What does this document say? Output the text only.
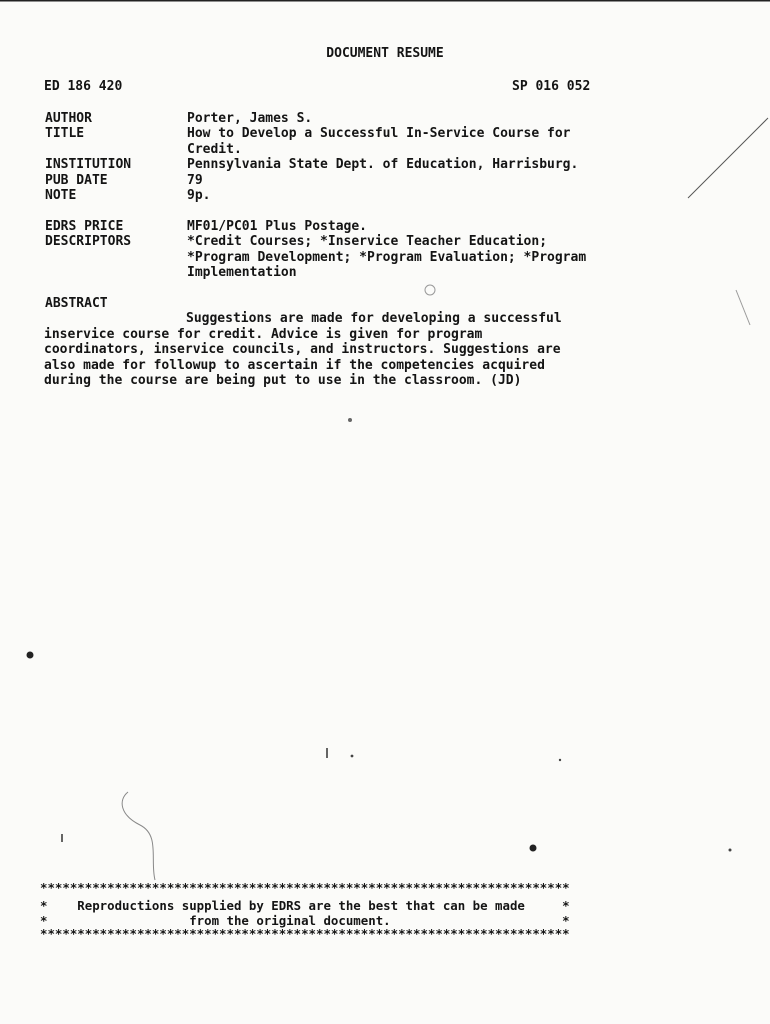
DOCUMENT RESUME
ED 186 420	SP 016 052
AUTHOR	Porter, James S.
TITLE	How to Develop a Successful In-Service Course for
Credit.
INSTITUTION	Pennsylvania State Dept. of Education, Harrisburg.
PUB DATE	79
NOTE	9p.
EDRS PRICE	MF01/PC01 Plus Postage.
DESCRIPTORS	*Credit Courses; *Inservice Teacher Education;
*Program Development; *Program Evaluation; *Program
Implementation
ABSTRACT
Suggestions are made for developing a successful
inservice course for credit. Advice is given for program
coordinators, inservice councils, and instructors. Suggestions are
also made for followup to ascertain if the competencies acquired
during the course are being put to use in the classroom. (JD)
***********************************************************************
*    Reproductions supplied by EDRS are the best that can be made     *
*                   from the original document.                       *
***********************************************************************
